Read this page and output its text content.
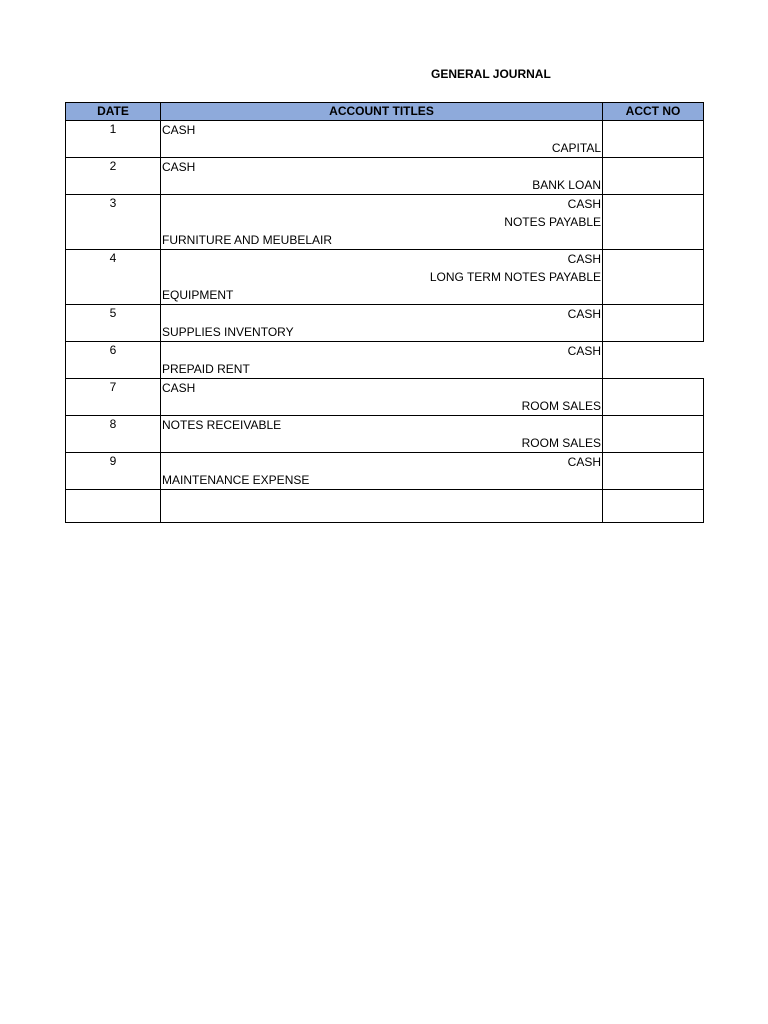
GENERAL JOURNAL
DATE	ACCOUNT TITLES	ACCT NO
1	CASH
CAPITAL	

2	CASH
BANK LOAN	

3	CASH
NOTES PAYABLE
FURNITURE AND MEUBELAIR	

4	CASH
LONG TERM NOTES PAYABLE
EQUIPMENT	

5	CASH
SUPPLIES INVENTORY	

6	CASH
PREPAID RENT	

7	CASH
ROOM SALES	

8	NOTES RECEIVABLE
ROOM SALES	

9	CASH
MAINTENANCE EXPENSE	
